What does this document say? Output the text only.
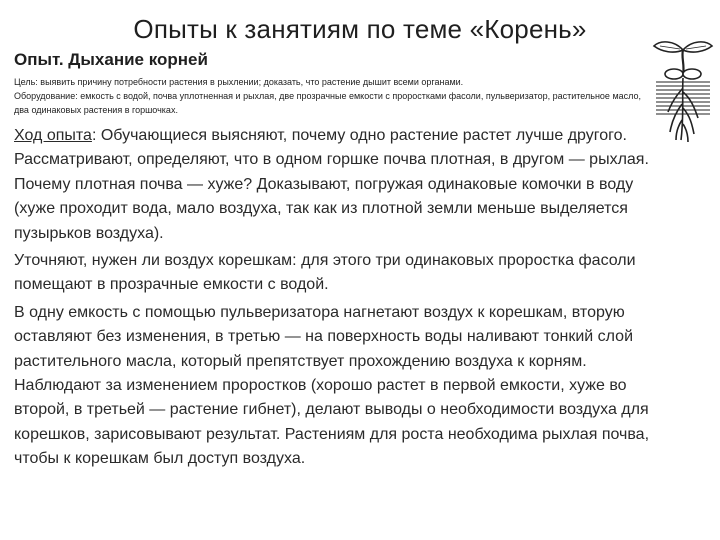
Опыты к занятиям по теме «Корень»
Опыт. Дыхание корней

Цель: выявить причину потребности растения в рыхлении; доказать, что растение дышит всеми органами.

Оборудование: емкость с водой, почва уплотненная и рыхлая, две прозрачные емкости с проростками фасоли, пульверизатор, растительное масло, два одинаковых растения в горшочках.

Ход опыта: Обучающиеся выясняют, почему одно растение растет лучше другого. Рассматривают, определяют, что в одном горшке почва плотная, в другом — рыхлая. Почему плотная почва — хуже? Доказывают, погружая одинаковые комочки в воду (хуже проходит вода, мало воздуха, так как из плотной земли меньше выделяется пузырьков воздуха).

Уточняют, нужен ли воздух корешкам: для этого три одинаковых проростка фасоли помещают в прозрачные емкости с водой.

В одну емкость с помощью пульверизатора нагнетают воздух к корешкам, вторую оставляют без изменения, в третью — на поверхность воды наливают тонкий слой растительного масла, который препятствует прохождению воздуха к корням. Наблюдают за изменением проростков (хорошо растет в первой емкости, хуже во второй, в третьей — растение гибнет), делают выводы о необходимости воздуха для корешков, зарисовывают результат. Растениям для роста необходима рыхлая почва, чтобы к корешкам был доступ воздуха.
